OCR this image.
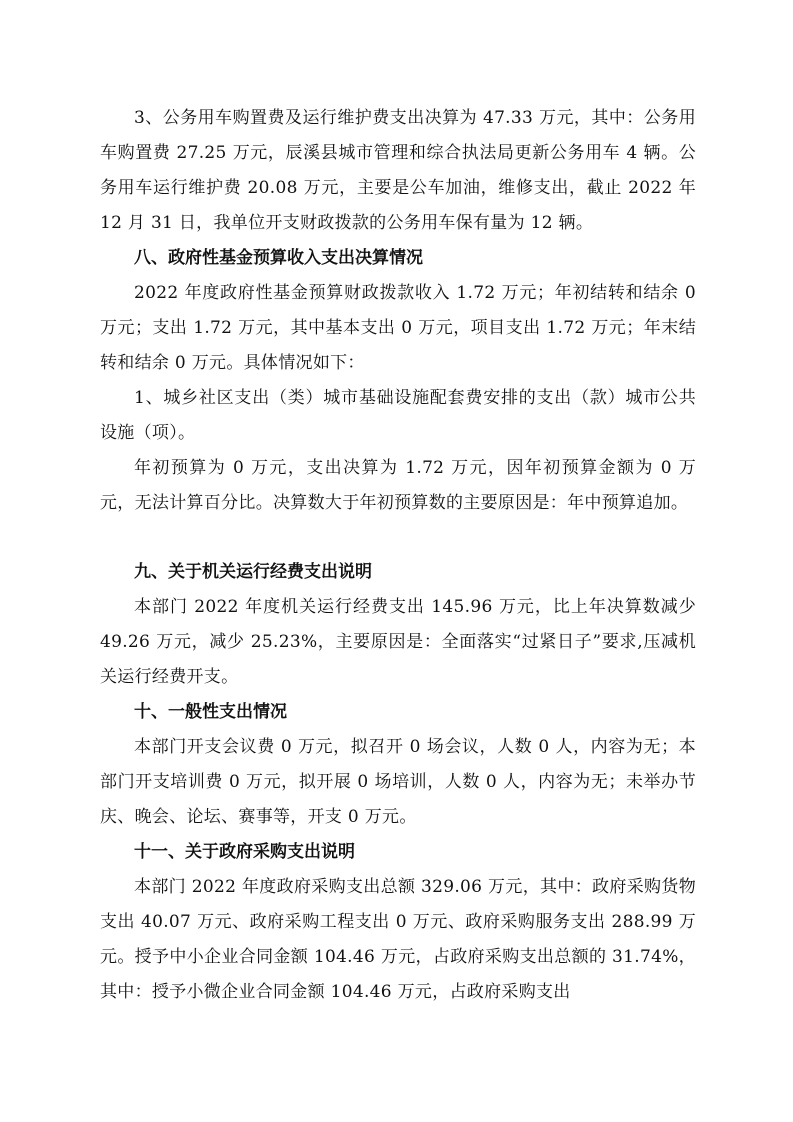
3、公务用车购置费及运行维护费支出决算为 47.33 万元，其中：公务用车购置费 27.25 万元，辰溪县城市管理和综合执法局更新公务用车 4 辆。公务用车运行维护费 20.08 万元，主要是公车加油，维修支出，截止 2022 年 12 月 31 日，我单位开支财政拨款的公务用车保有量为 12 辆。

八、政府性基金预算收入支出决算情况

2022 年度政府性基金预算财政拨款收入 1.72 万元；年初结转和结余 0 万元；支出 1.72 万元，其中基本支出 0 万元，项目支出 1.72 万元；年末结转和结余 0 万元。具体情况如下：

1、城乡社区支出（类）城市基础设施配套费安排的支出（款）城市公共设施（项）。

年初预算为 0 万元，支出决算为 1.72 万元，因年初预算金额为 0 万元，无法计算百分比。决算数大于年初预算数的主要原因是：年中预算追加。

九、关于机关运行经费支出说明

本部门 2022 年度机关运行经费支出 145.96 万元，比上年决算数减少 49.26 万元，减少 25.23%，主要原因是：全面落实“过紧日子”要求,压减机关运行经费开支。

十、一般性支出情况

本部门开支会议费 0 万元，拟召开 0 场会议，人数 0 人，内容为无；本部门开支培训费 0 万元，拟开展 0 场培训，人数 0 人，内容为无；未举办节庆、晚会、论坛、赛事等，开支 0 万元。

十一、关于政府采购支出说明

本部门 2022 年度政府采购支出总额 329.06 万元，其中：政府采购货物支出 40.07 万元、政府采购工程支出 0 万元、政府采购服务支出 288.99 万元。授予中小企业合同金额 104.46 万元，占政府采购支出总额的 31.74%，其中：授予小微企业合同金额 104.46 万元，占政府采购支出
